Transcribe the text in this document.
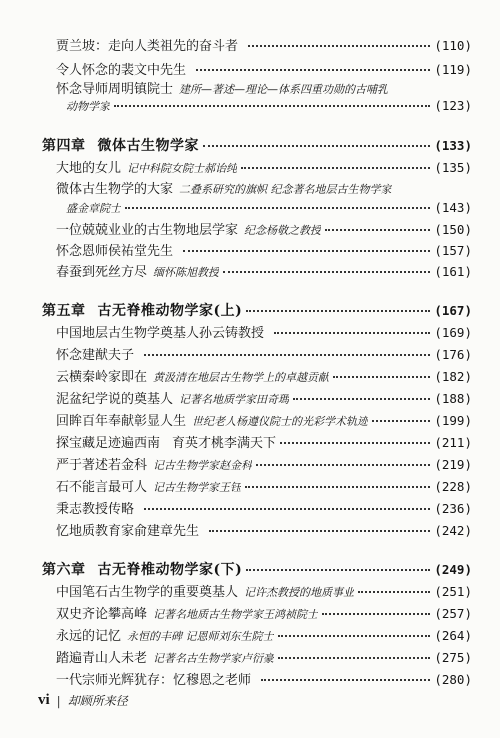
贾兰坡：走向人类祖先的奋斗者	(110)
令人怀念的裴文中先生	(119)
怀念导师周明镇院士 建所—著述—理论—体系四重功勋的古哺乳
动物学家	(123)
第四章 微体古生物学家	(133)
大地的女儿 记中科院女院士郝诒纯	(135)
微体古生物学的大家 二叠系研究的旗帜 纪念著名地层古生物学家
盛金章院士	(143)
一位兢兢业业的古生物地层学家 纪念杨敬之教授	(150)
怀念恩师侯祐堂先生	(157)
春蚕到死丝方尽 缅怀陈旭教授	(161)
第五章 古无脊椎动物学家(上)	(167)
中国地层古生物学奠基人孙云铸教授	(169)
怀念建猷夫子	(176)
云横秦岭家即在 黄汲清在地层古生物学上的卓越贡献	(182)
泥盆纪学说的奠基人 记著名地质学家田奇瑪	(188)
回眸百年奉献彰显人生 世纪老人杨遵仪院士的光彩学术轨迹	(199)
探宝藏足迹遍西南 育英才桃李满天下	(211)
严于著述若金科 记古生物学家赵金科	(219)
石不能言最可人 记古生物学家王钰	(228)
秉志教授传略	(236)
忆地质教育家俞建章先生	(242)
第六章 古无脊椎动物学家(下)	(249)
中国笔石古生物学的重要奠基人 记许杰教授的地质事业	(251)
双史齐论攀高峰 记著名地质古生物学家王鸿祯院士	(257)
永远的记忆 永恒的丰碑 记恩师刘东生院士	(264)
踏遍青山人未老 记著名古生物学家卢衍豪	(275)
一代宗师光辉犹存：忆穆恩之老师	(280)
vi | 却顾所来径
